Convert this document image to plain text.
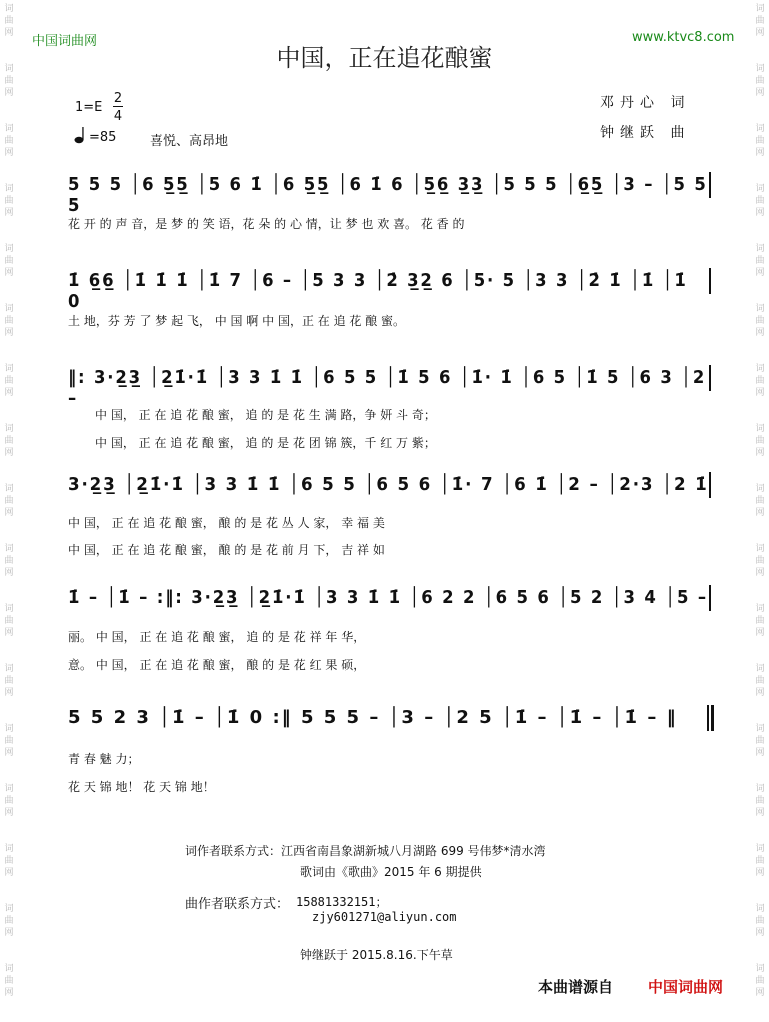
词
曲
网
词
曲
网
词
曲
网
词
曲
网
词
曲
网
词
曲
网
词
曲
网
词
曲
网
词
曲
网
词
曲
网
词
曲
网
词
曲
网
词
曲
网
词
曲
网
词
曲
网
词
曲
网
词
曲
网
词
曲
网
词
曲
网
词
曲
网
词
曲
网
词
曲
网
词
曲
网
词
曲
网
词
曲
网
词
曲
网
词
曲
网
词
曲
网
词
曲
网
词
曲
网
词
曲
网
词
曲
网
词
曲
网
词
曲
网
中国词曲网	www.ktvc8.com
中国，正在追花酿蜜
邓丹心 词
钟继跃 曲
1=E
2
4
=85	喜悦、高昂地
5 5 5 │6 5̲5̲ │5 6 1̇ │6 5̲5̲ │6 1̇ 6 │5̲6̲ 3̲3̲ │5 5 5 │6̲5̲ │3 – │5 5 5
花 开 的 声 音，是 梦 的 笑 语，花 朵 的 心 情，让 梦 也 欢 喜。 花 香 的
1̇ 6̲6̲ │1̇ 1̇ 1̇ │1̇ 7 │6 – │5 3 3 │2̇ 3̲2̲ 6 │5· 5 │3 3 │2̇ 1̇ │1̇ │1̇ 0
土 地，芬 芳 了 梦 起 飞， 中 国 啊 中 国，正 在 追 花 酿 蜜。
‖: 3·2̲3̲ │2̲1̇·1̇ │3 3 1̇ 1̇ │6 5 5 │1̇ 5 6 │1̇· 1̇ │6 5 │1̇ 5 │6 3 │2 –
中 国， 正 在 追 花 酿 蜜， 追 的 是 花 生 满 路，争 妍 斗 奇；
中 国， 正 在 追 花 酿 蜜， 追 的 是 花 团 锦 簇，千 红 万 紫；
3·2̲3̲ │2̲1̇·1̇ │3 3 1̇ 1̇ │6 5 5 │6 5 6 │1̇· 7 │6 1̇ │2 – │2·3 │2 1̇
中 国， 正 在 追 花 酿 蜜， 酿 的 是 花 丛 人 家， 幸 福 美
中 国， 正 在 追 花 酿 蜜， 酿 的 是 花 前 月 下， 吉 祥 如
1̇ – │1̇ – :‖: 3·2̲3̲ │2̲1̇·1̇ │3 3 1̇ 1̇ │6 2 2 │6 5 6 │5 2 │3 4 │5 –
丽。 中 国， 正 在 追 花 酿 蜜， 追 的 是 花 祥 年 华，
意。 中 国， 正 在 追 花 酿 蜜， 酿 的 是 花 红 果 硕，
5 5 2 3 │1̇ – │1̇ 0 :‖ 5 5 5 – │3 – │2 5 │1̇ – │1̇ – │1̇ – ‖
青 春 魅 力；
花 天 锦 地！ 花 天 锦 地！
词作者联系方式：江西省南昌象湖新城八月湖路 699 号伟梦*清水湾
歌词由《歌曲》2015 年 6 期提供
曲作者联系方式： 15881332151；
zjy601271@aliyun.com
钟继跃于 2015.8.16.下午草
本曲谱源自 中国词曲网
